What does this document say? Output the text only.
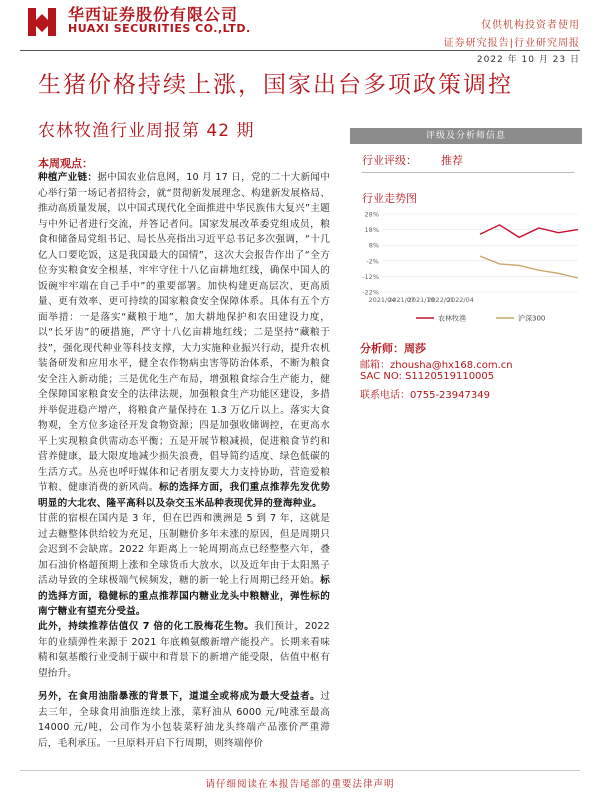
华西证券股份有限公司
HUAXI SECURITIES CO.,LTD.	仅供机构投资者使用
证券研究报告|行业研究周报
2022 年 10 月 23 日
生猪价格持续上涨，国家出台多项政策调控
农林牧渔行业周报第 42 期	评级及分析师信息
行业评级： 推荐
行业走势图
28%
18%
8%
-2%
-12%
-22%
2021/04
2021/07
2021/10
2022/01
2022/04
农林牧渔	沪深300
分析师：周莎
邮箱：zhousha@hx168.com.cn
SAC NO: S1120519110005
联系电话：0755-23947349
本周观点：
种植产业链：据中国农业信息网，10 月 17 日，党的二十大新闻中心举行第一场记者招待会，就“贯彻新发展理念、构建新发展格局、推动高质量发展，以中国式现代化全面推进中华民族伟大复兴”主题与中外记者进行交流，并答记者问。国家发展改革委党组成员，粮食和储备局党组书记、局长丛亮指出习近平总书记多次强调，“十几亿人口要吃饭，这是我国最大的国情”，这次大会报告作出了“全方位夯实粮食安全根基，牢牢守住十八亿亩耕地红线，确保中国人的饭碗牢牢端在自己手中”的重要部署。加快构建更高层次、更高质量、更有效率、更可持续的国家粮食安全保障体系。具体有五个方面举措：一是落实“藏粮于地”，加大耕地保护和农田建设力度，以“长牙齿”的硬措施，严守十八亿亩耕地红线；二是坚持“藏粮于技”，强化现代种业等科技支撑，大力实施种业振兴行动，提升农机装备研发和应用水平，健全农作物病虫害等防治体系，不断为粮食安全注入新动能；三是优化生产布局，增强粮食综合生产能力，健全保障国家粮食安全的法律法规，加强粮食生产功能区建设，多措并举促进稳产增产，将粮食产量保持在 1.3 万亿斤以上。落实大食物观，全方位多途径开发食物资源；四是加强收储调控，在更高水平上实现粮食供需动态平衡；五是开展节粮减损，促进粮食节约和营养健康，最大限度地减少损失浪费，倡导简约适度、绿色低碳的生活方式。丛亮也呼吁媒体和记者朋友要大力支持协助，营造爱粮节粮、健康消费的新风尚。标的选择方面，我们重点推荐先发优势明显的大北农、隆平高科以及杂交玉米品种表现优异的登海种业。
甘蔗的宿根在国内是 3 年，但在巴西和澳洲是 5 到 7 年，这就是过去糖整体供给较为充足，压制糖价多年未涨的原因，但是周期只会迟到不会缺席。2022 年距离上一轮周期高点已经整整六年，叠加石油价格超预期上涨和全球货币大放水，以及近年由于太阳黑子活动导致的全球极端气候频发，糖的新一轮上行周期已经开始。标的选择方面，稳健标的重点推荐国内糖业龙头中粮糖业，弹性标的南宁糖业有望充分受益。
此外，持续推荐估值仅 7 倍的化工股梅花生物。我们预计，2022 年的业绩弹性来源于 2021 年底赖氨酸新增产能投产。长期来看味精和氨基酸行业受制于碳中和背景下的新增产能受限，估值中枢有望抬升。
另外，在食用油脂暴涨的背景下，道道全或将成为最大受益者。过去三年，全球食用油脂连续上涨，菜籽油从 6000 元/吨涨至最高14000 元/吨，公司作为小包装菜籽油龙头终端产品涨价严重滞后，毛利承压。一旦原料开启下行周期，则终端停价
请仔细阅读在本报告尾部的重要法律声明
